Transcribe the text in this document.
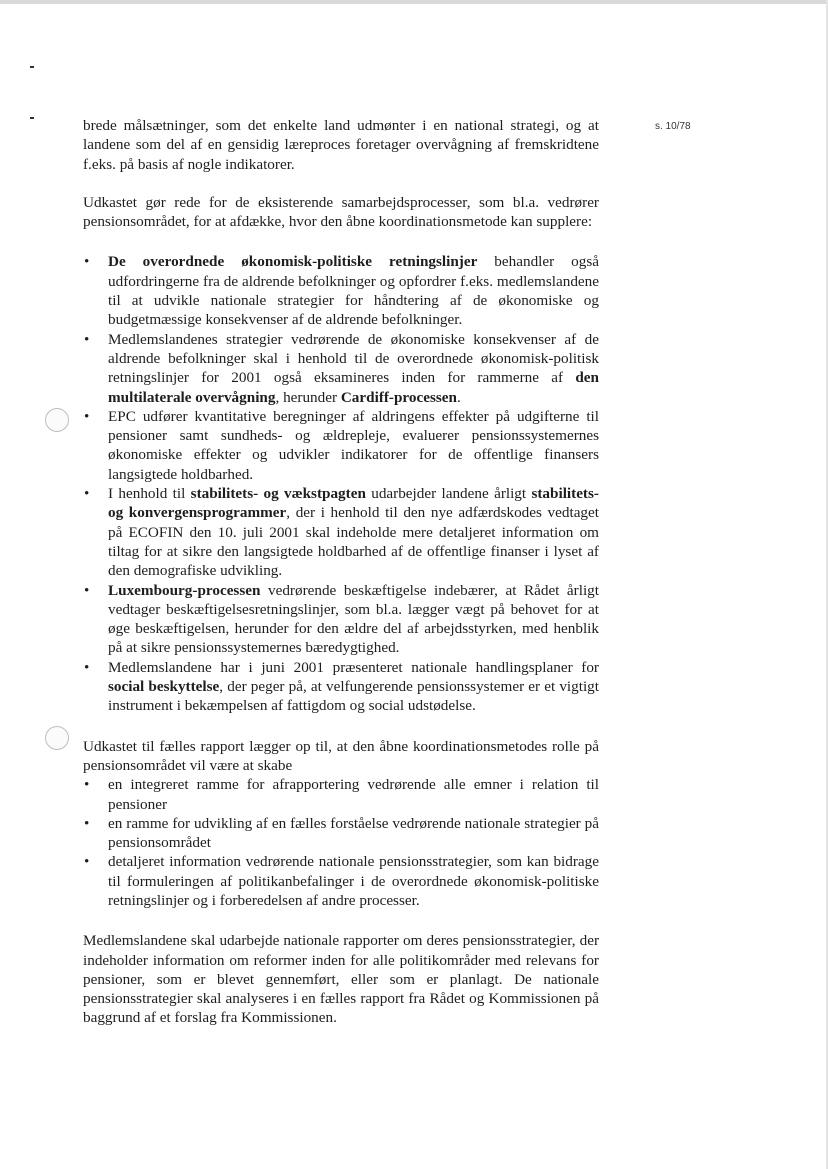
s. 10/78

brede målsætninger, som det enkelte land udmønter i en national strategi, og at landene som del af en gensidig læreproces foretager overvågning af fremskridtene f.eks. på basis af nogle indikatorer.

Udkastet gør rede for de eksisterende samarbejdsprocesser, som bl.a. vedrører pensionsområdet, for at afdække, hvor den åbne koordinationsmetode kan supplere:

• De overordnede økonomisk-politiske retningslinjer behandler også udfordringerne fra de aldrende befolkninger og opfordrer f.eks. medlemslandene til at udvikle nationale strategier for håndtering af de økonomiske og budgetmæssige konsekvenser af de aldrende befolkninger.
• Medlemslandenes strategier vedrørende de økonomiske konsekvenser af de aldrende befolkninger skal i henhold til de overordnede økonomisk-politisk retningslinjer for 2001 også eksamineres inden for rammerne af den multilaterale overvågning, herunder Cardiff-processen.
• EPC udfører kvantitative beregninger af aldringens effekter på udgifterne til pensioner samt sundheds- og ældrepleje, evaluerer pensionssystemernes økonomiske effekter og udvikler indikatorer for de offentlige finansers langsigtede holdbarhed.
• I henhold til stabilitets- og vækstpagten udarbejder landene årligt stabilitets- og konvergensprogrammer, der i henhold til den nye adfærdskodes vedtaget på ECOFIN den 10. juli 2001 skal indeholde mere detaljeret information om tiltag for at sikre den langsigtede holdbarhed af de offentlige finanser i lyset af den demografiske udvikling.
• Luxembourg-processen vedrørende beskæftigelse indebærer, at Rådet årligt vedtager beskæftigelsesretningslinjer, som bl.a. lægger vægt på behovet for at øge beskæftigelsen, herunder for den ældre del af arbejdsstyrken, med henblik på at sikre pensionssystemernes bæredygtighed.
• Medlemslandene har i juni 2001 præsenteret nationale handlingsplaner for social beskyttelse, der peger på, at velfungerende pensionssystemer er et vigtigt instrument i bekæmpelsen af fattigdom og social udstødelse.

Udkastet til fælles rapport lægger op til, at den åbne koordinationsmetodes rolle på pensionsområdet vil være at skabe

• en integreret ramme for afrapportering vedrørende alle emner i relation til pensioner
• en ramme for udvikling af en fælles forståelse vedrørende nationale strategier på pensionsområdet
• detaljeret information vedrørende nationale pensionsstrategier, som kan bidrage til formuleringen af politikanbefalinger i de overordnede økonomisk-politiske retningslinjer og i forberedelsen af andre processer.

Medlemslandene skal udarbejde nationale rapporter om deres pensionsstrategier, der indeholder information om reformer inden for alle politikområder med relevans for pensioner, som er blevet gennemført, eller som er planlagt. De nationale pensionsstrategier skal analyseres i en fælles rapport fra Rådet og Kommissionen på baggrund af et forslag fra Kommissionen.
